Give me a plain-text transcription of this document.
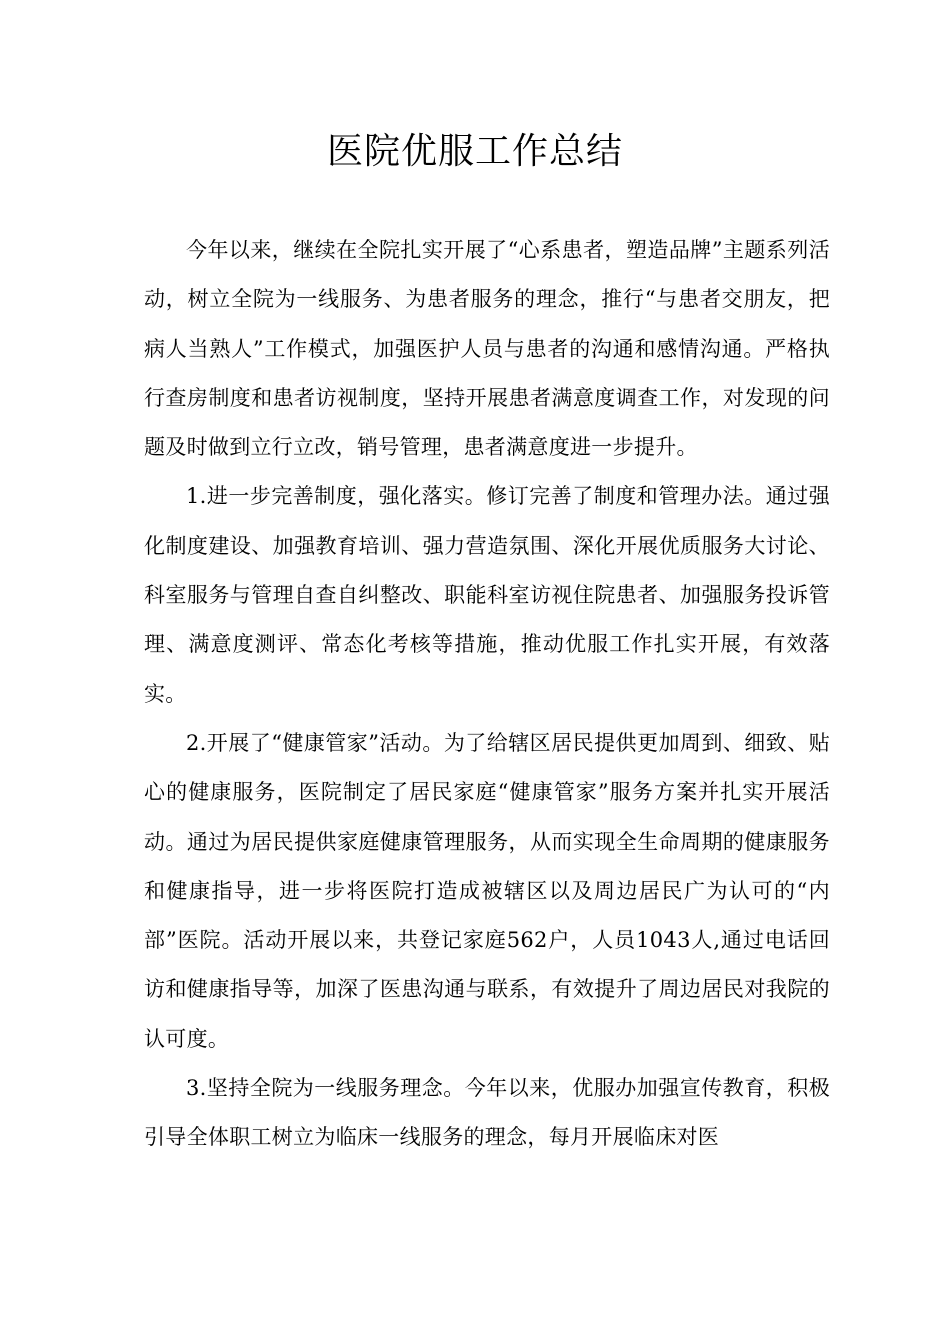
医院优服工作总结

今年以来，继续在全院扎实开展了“心系患者，塑造品牌”主题系列活动，树立全院为一线服务、为患者服务的理念，推行“与患者交朋友，把病人当熟人”工作模式，加强医护人员与患者的沟通和感情沟通。严格执行查房制度和患者访视制度，坚持开展患者满意度调查工作，对发现的问题及时做到立行立改，销号管理，患者满意度进一步提升。

1.进一步完善制度，强化落实。修订完善了制度和管理办法。通过强化制度建设、加强教育培训、强力营造氛围、深化开展优质服务大讨论、科室服务与管理自查自纠整改、职能科室访视住院患者、加强服务投诉管理、满意度测评、常态化考核等措施，推动优服工作扎实开展，有效落实。

2.开展了“健康管家”活动。为了给辖区居民提供更加周到、细致、贴心的健康服务，医院制定了居民家庭“健康管家”服务方案并扎实开展活动。通过为居民提供家庭健康管理服务，从而实现全生命周期的健康服务和健康指导，进一步将医院打造成被辖区以及周边居民广为认可的“内部”医院。活动开展以来，共登记家庭562户，人员1043人,通过电话回访和健康指导等，加深了医患沟通与联系，有效提升了周边居民对我院的认可度。

3.坚持全院为一线服务理念。今年以来，优服办加强宣传教育，积极引导全体职工树立为临床一线服务的理念，每月开展临床对医
